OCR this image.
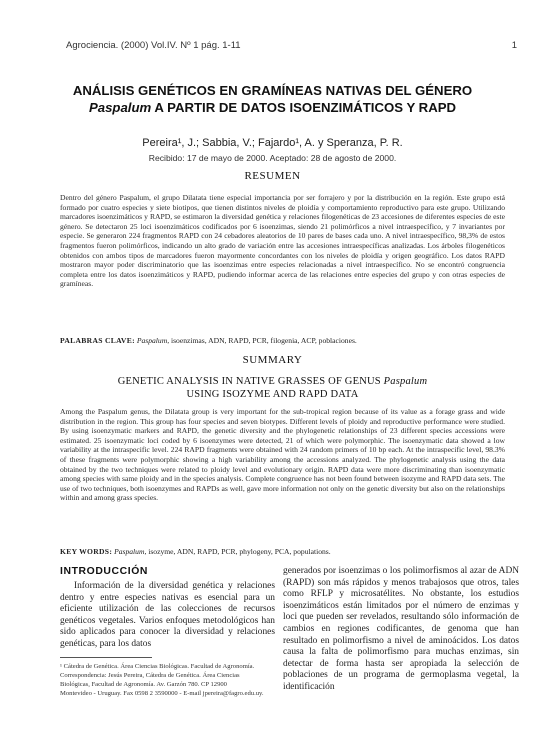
Agrociencia. (2000) Vol.IV. Nº 1 pág. 1-11	1
ANÁLISIS GENÉTICOS EN GRAMÍNEAS NATIVAS DEL GÉNERO
Paspalum A PARTIR DE DATOS ISOENZIMÁTICOS Y RAPD
Pereira¹, J.; Sabbia, V.; Fajardo¹, A. y Speranza, P. R.
Recibido: 17 de mayo de 2000. Aceptado: 28 de agosto de 2000.
RESUMEN
Dentro del género Paspalum, el grupo Dilatata tiene especial importancia por ser forrajero y por la distribución en la región. Este grupo está formado por cuatro especies y siete biotipos, que tienen distintos niveles de ploidía y comportamiento reproductivo para este grupo. Utilizando marcadores isoenzimáticos y RAPD, se estimaron la diversidad genética y relaciones filogenéticas de 23 accesiones de diferentes especies de este género. Se detectaron 25 loci isoenzimáticos codificados por 6 isoenzimas, siendo 21 polimórficos a nivel intraespecífico, y 7 invariantes por especie. Se generaron 224 fragmentos RAPD con 24 cebadores aleatorios de 10 pares de bases cada uno. A nivel intraespecífico, 98,3% de estos fragmentos fueron polimórficos, indicando un alto grado de variación entre las accesiones intraespecíficas analizadas. Los árboles filogenéticos obtenidos con ambos tipos de marcadores fueron mayormente concordantes con los niveles de ploidía y origen geográfico. Los datos RAPD mostraron mayor poder discriminatorio que las isoenzimas entre especies relacionadas a nivel intraespecífico. No se encontró congruencia completa entre los datos isoenzimáticos y RAPD, pudiendo informar acerca de las relaciones entre especies del grupo y con otras especies de gramíneas.
PALABRAS CLAVE: Paspalum, isoenzimas, ADN, RAPD, PCR, filogenia, ACP, poblaciones.
SUMMARY
GENETIC ANALYSIS IN NATIVE GRASSES OF GENUS Paspalum
USING ISOZYME AND RAPD DATA
Among the Paspalum genus, the Dilatata group is very important for the sub-tropical region because of its value as a forage grass and wide distribution in the region. This group has four species and seven biotypes. Different levels of ploidy and reproductive performance were studied. By using isoenzymatic markers and RAPD, the genetic diversity and the phylogenetic relationships of 23 different species accessions were estimated. 25 isoenzymatic loci coded by 6 isoenzymes were detected, 21 of which were polymorphic. The isoenzymatic data showed a low variability at the intraspecific level. 224 RAPD fragments were obtained with 24 random primers of 10 bp each. At the intraspecific level, 98.3% of these fragments were polymorphic showing a high variability among the accessions analyzed. The phylogenetic analysis using the data obtained by the two techniques were related to ploidy level and evolutionary origin. RAPD data were more discriminating than isoenzymatic among species with same ploidy and in the species analysis. Complete congruence has not been found between isozyme and RAPD data sets. The use of two techniques, both isoenzymes and RAPDs as well, gave more information not only on the genetic diversity but also on the relationships within and among grass species.
KEY WORDS: Paspalum, isozyme, ADN, RAPD, PCR, phylogeny, PCA, populations.
INTRODUCCIÓN
Información de la diversidad genética y relaciones dentro y entre especies nativas es esencial para un eficiente utilización de las colecciones de recursos genéticos vegetales. Varios enfoques metodológicos han sido aplicados para conocer la diversidad y relaciones genéticas, para los datos
generados por isoenzimas o los polimorfismos al azar de ADN (RAPD) son más rápidos y menos trabajosos que otros, tales como RFLP y microsatélites. No obstante, los estudios isoenzimáticos están limitados por el número de enzimas y loci que pueden ser revelados, resultando sólo información de cambios en regiones codificantes, de genoma que han resultado en polimorfismo a nivel de aminoácidos. Los datos causa la falta de polimorfismo para muchas enzimas, sin detectar de forma hasta ser apropiada la selección de poblaciones de un programa de germoplasma vegetal, la identificación
¹ Cátedra de Genética. Área Ciencias Biológicas. Facultad de Agronomía.
Correspondencia: Jesús Pereira, Cátedra de Genética. Área Ciencias
Biológicas, Facultad de Agronomía. Av. Garzón 780. CP 12900
Montevideo - Uruguay. Fax 0598 2 3590000 - E-mail jpereira@fagro.edu.uy.
